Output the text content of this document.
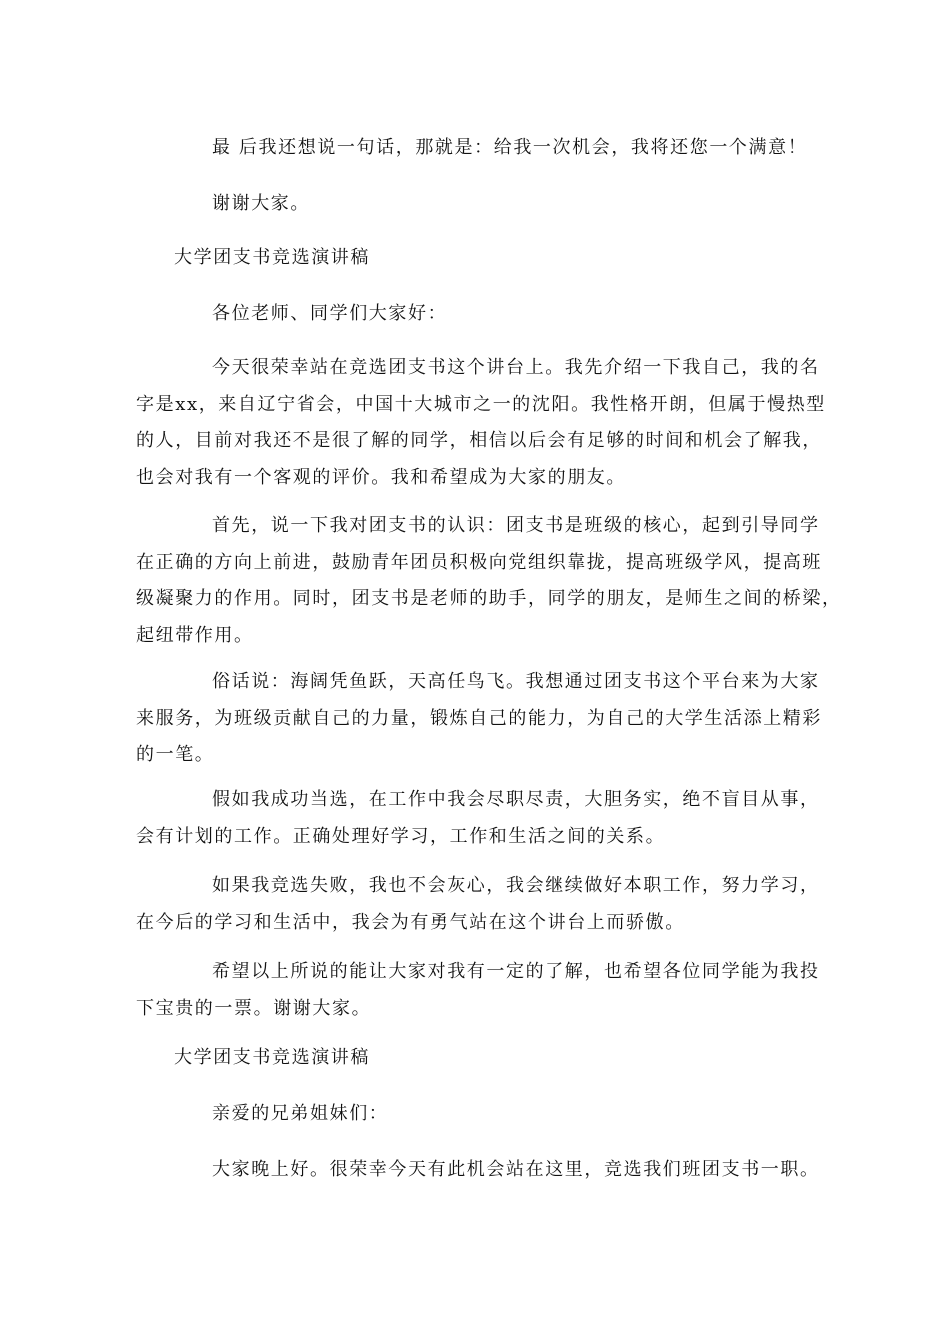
最 后我还想说一句话，那就是：给我一次机会，我将还您一个满意！

谢谢大家。

大学团支书竞选演讲稿

各位老师、同学们大家好：

今天很荣幸站在竞选团支书这个讲台上。我先介绍一下我自己，我的名
字是xx，来自辽宁省会，中国十大城市之一的沈阳。我性格开朗，但属于慢热型
的人，目前对我还不是很了解的同学，相信以后会有足够的时间和机会了解我，
也会对我有一个客观的评价。我和希望成为大家的朋友。
首先，说一下我对团支书的认识：团支书是班级的核心，起到引导同学
在正确的方向上前进，鼓励青年团员积极向党组织靠拢，提高班级学风，提高班
级凝聚力的作用。同时，团支书是老师的助手，同学的朋友，是师生之间的桥梁，
起纽带作用。
俗话说：海阔凭鱼跃，天高任鸟飞。我想通过团支书这个平台来为大家
来服务，为班级贡献自己的力量，锻炼自己的能力，为自己的大学生活添上精彩
的一笔。
假如我成功当选，在工作中我会尽职尽责，大胆务实，绝不盲目从事，
会有计划的工作。正确处理好学习，工作和生活之间的关系。
如果我竞选失败，我也不会灰心，我会继续做好本职工作，努力学习，
在今后的学习和生活中，我会为有勇气站在这个讲台上而骄傲。
希望以上所说的能让大家对我有一定的了解，也希望各位同学能为我投
下宝贵的一票。谢谢大家。

大学团支书竞选演讲稿

亲爱的兄弟姐妹们：

大家晚上好。很荣幸今天有此机会站在这里，竞选我们班团支书一职。
